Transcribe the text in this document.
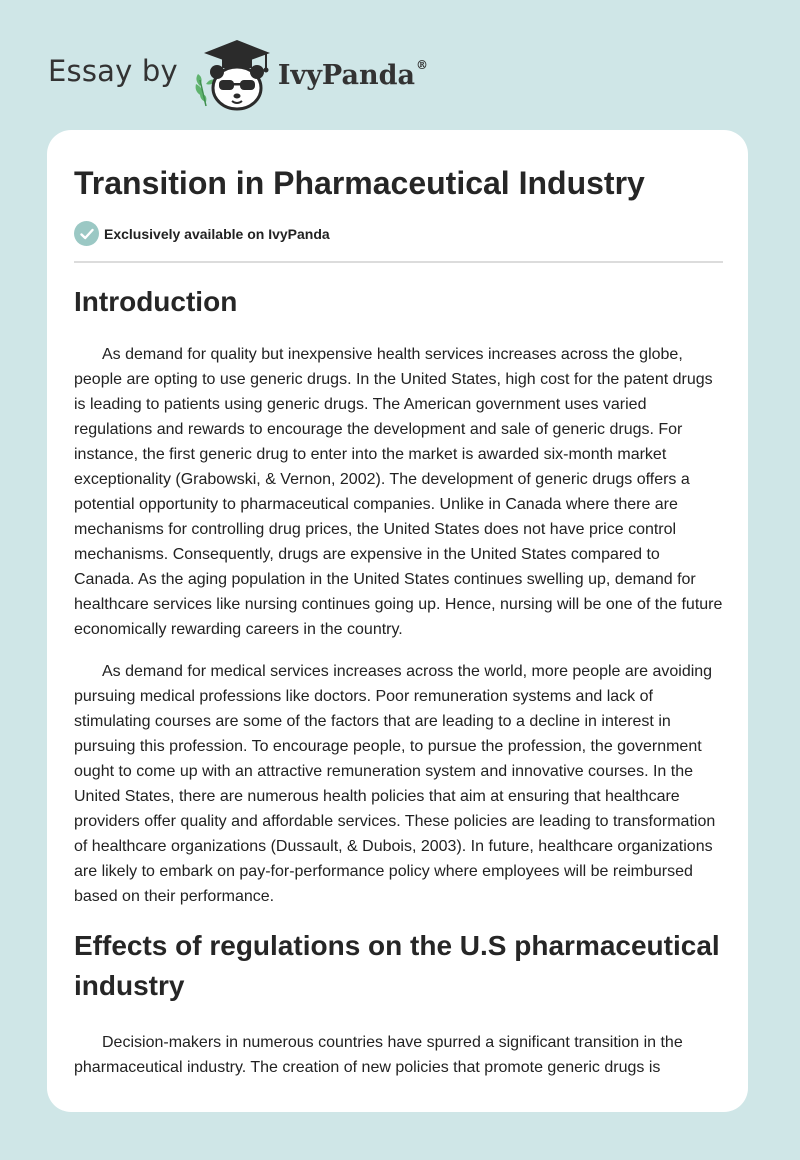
Essay by	IvyPanda®
Transition in Pharmaceutical Industry
Exclusively available on IvyPanda
Introduction

As demand for quality but inexpensive health services increases across the globe, people are opting to use generic drugs. In the United States, high cost for the patent drugs is leading to patients using generic drugs. The American government uses varied regulations and rewards to encourage the development and sale of generic drugs. For instance, the first generic drug to enter into the market is awarded six-month market exceptionality (Grabowski, & Vernon, 2002). The development of generic drugs offers a potential opportunity to pharmaceutical companies. Unlike in Canada where there are mechanisms for controlling drug prices, the United States does not have price control mechanisms. Consequently, drugs are expensive in the United States compared to Canada. As the aging population in the United States continues swelling up, demand for healthcare services like nursing continues going up. Hence, nursing will be one of the future economically rewarding careers in the country.

As demand for medical services increases across the world, more people are avoiding pursuing medical professions like doctors. Poor remuneration systems and lack of stimulating courses are some of the factors that are leading to a decline in interest in pursuing this profession. To encourage people, to pursue the profession, the government ought to come up with an attractive remuneration system and innovative courses. In the United States, there are numerous health policies that aim at ensuring that healthcare providers offer quality and affordable services. These policies are leading to transformation of healthcare organizations (Dussault, & Dubois, 2003). In future, healthcare organizations are likely to embark on pay-for-performance policy where employees will be reimbursed based on their performance.

Effects of regulations on the U.S pharmaceutical industry

Decision-makers in numerous countries have spurred a significant transition in the pharmaceutical industry. The creation of new policies that promote generic drugs is
